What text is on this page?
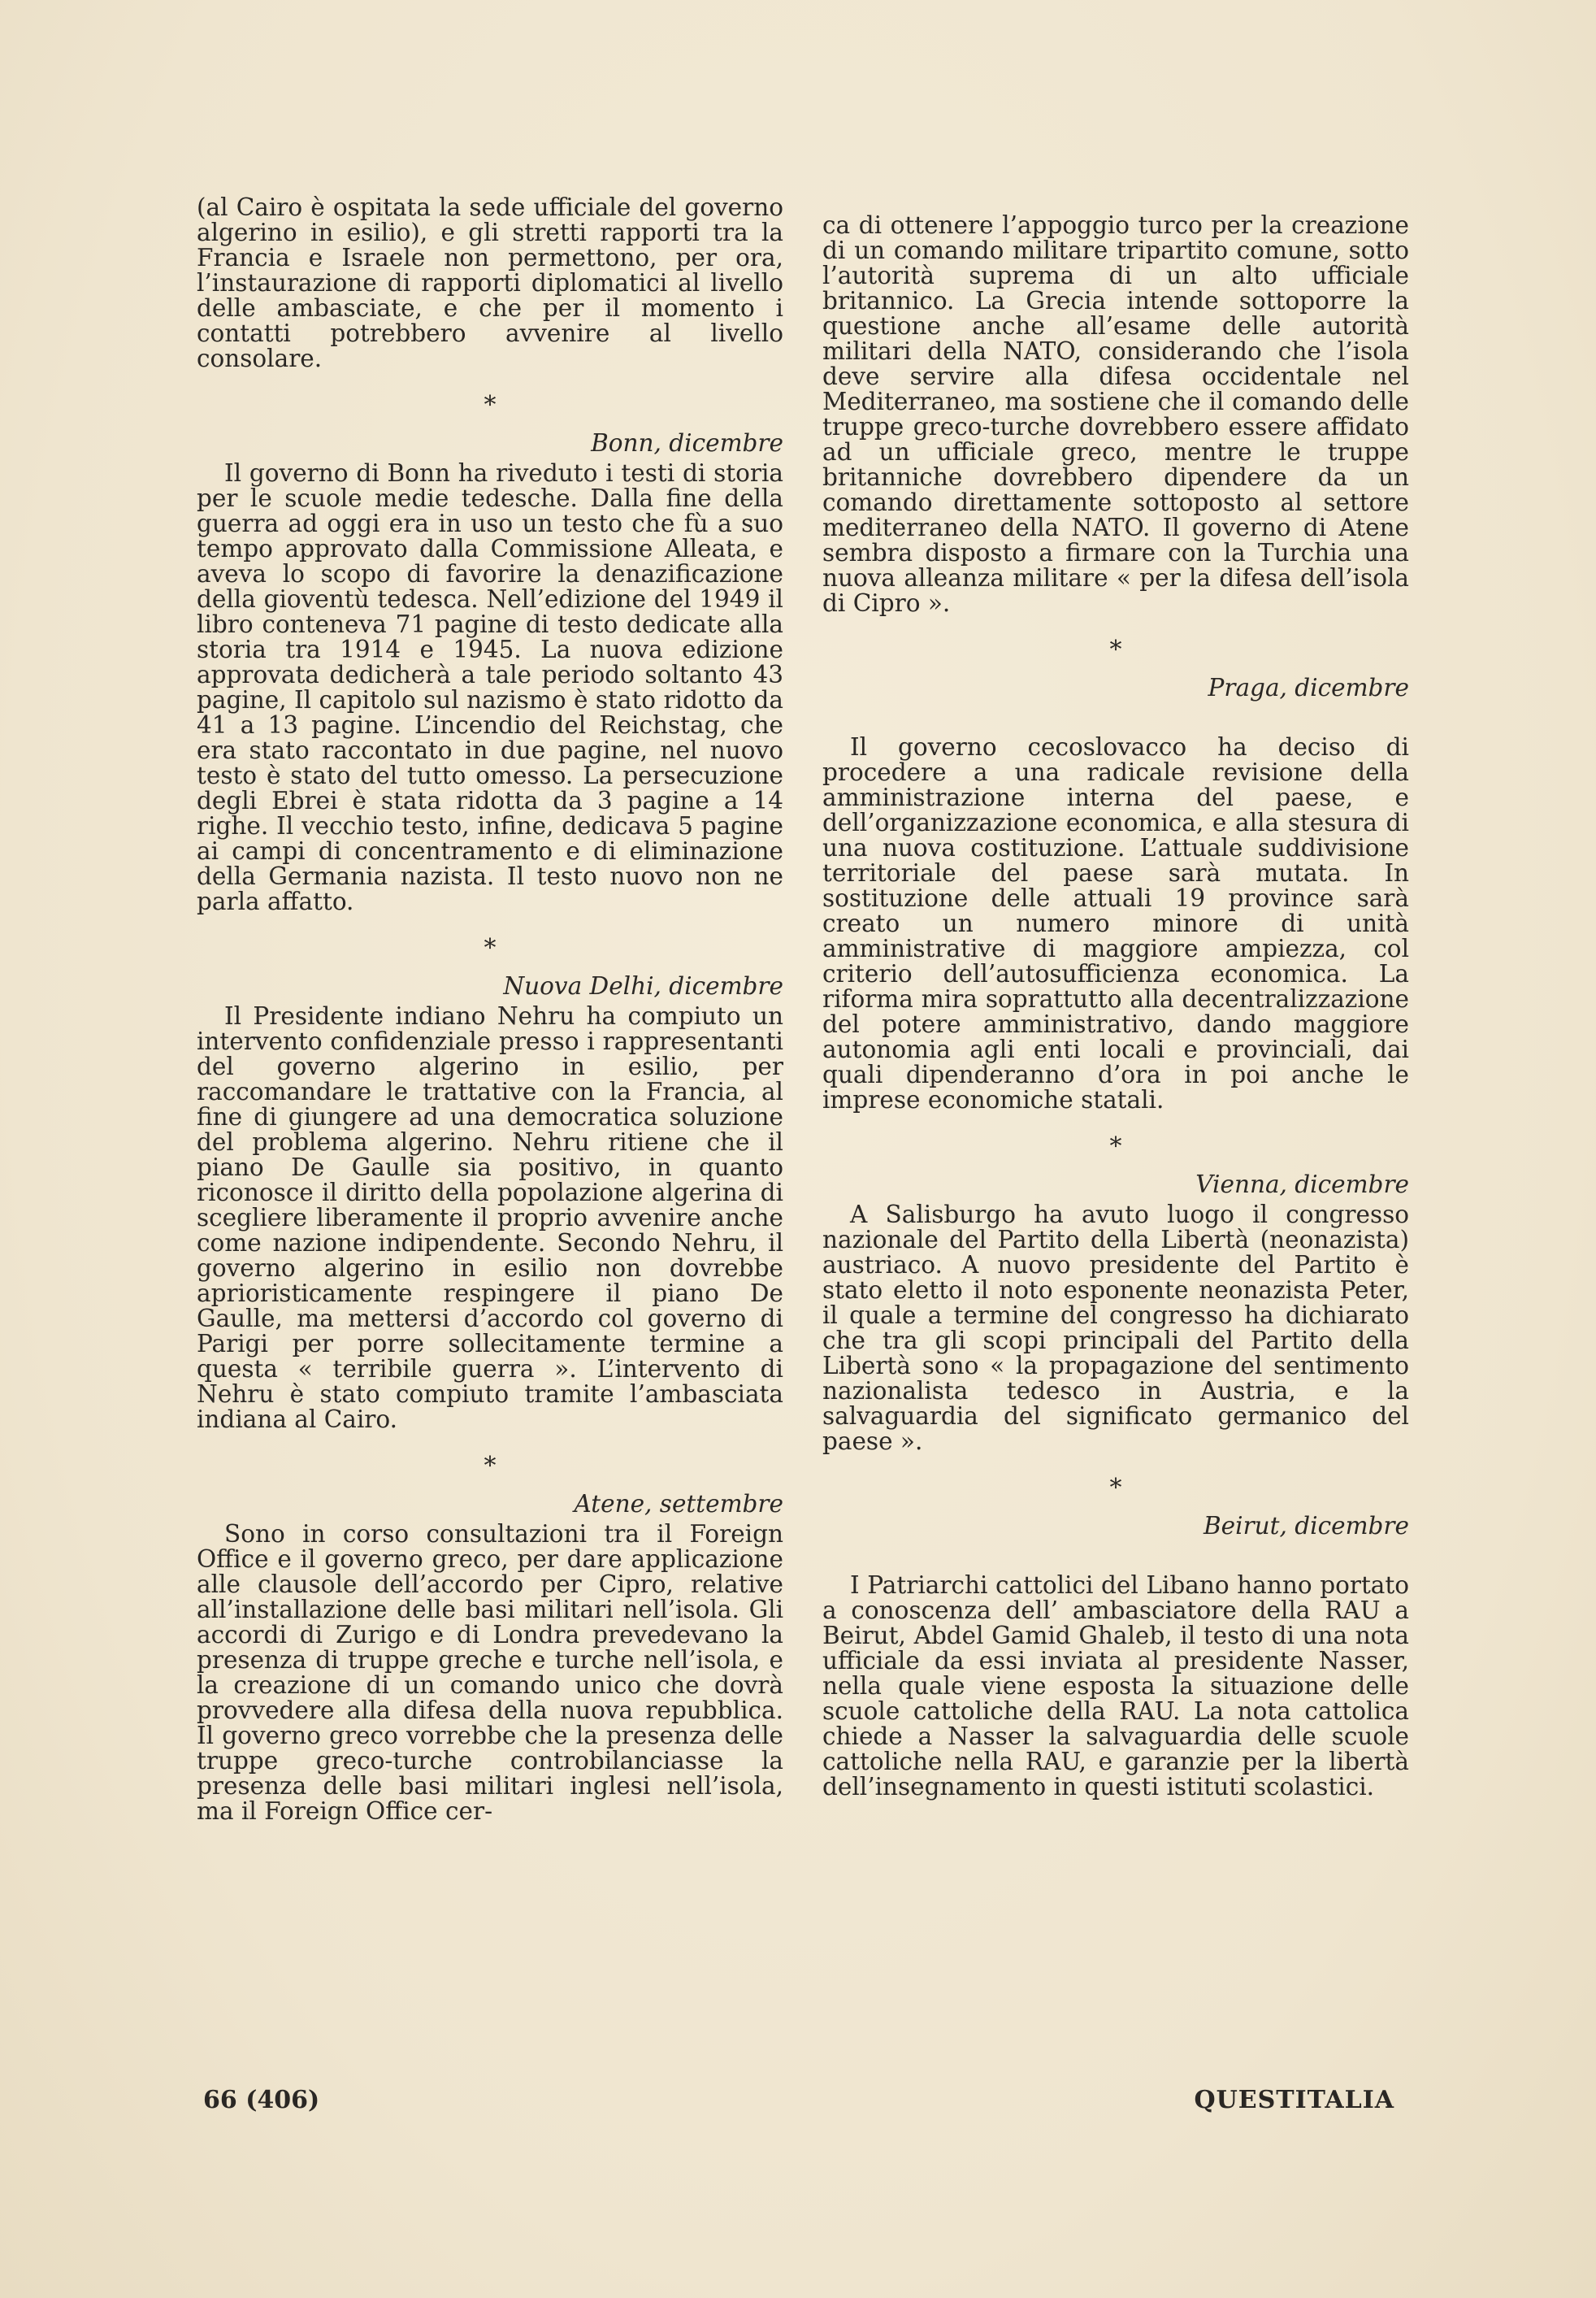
(al Cairo è ospitata la sede ufficiale del governo algerino in esilio), e gli stretti rapporti tra la Francia e Israele non permettono, per ora, l’instaurazione di rapporti diplomatici al livello delle ambasciate, e che per il momento i contatti potrebbero avvenire al livello consolare.

*
Bonn, dicembre

Il governo di Bonn ha riveduto i testi di storia per le scuole medie tedesche. Dalla fine della guerra ad oggi era in uso un testo che fù a suo tempo approvato dalla Commissione Alleata, e aveva lo scopo di favorire la denazificazione della gioventù tedesca. Nell’edizione del 1949 il libro conteneva 71 pagine di testo dedicate alla storia tra 1914 e 1945. La nuova edizione approvata dedicherà a tale periodo soltanto 43 pagine, Il capitolo sul nazismo è stato ridotto da 41 a 13 pagine. L’incendio del Reichstag, che era stato raccontato in due pagine, nel nuovo testo è stato del tutto omesso. La persecuzione degli Ebrei è stata ridotta da 3 pagine a 14 righe. Il vecchio testo, infine, dedicava 5 pagine ai campi di concentramento e di eliminazione della Germania nazista. Il testo nuovo non ne parla affatto.

*
Nuova Delhi, dicembre

Il Presidente indiano Nehru ha compiuto un intervento confidenziale presso i rappresentanti del governo algerino in esilio, per raccomandare le trattative con la Francia, al fine di giungere ad una democratica soluzione del problema algerino. Nehru ritiene che il piano De Gaulle sia positivo, in quanto riconosce il diritto della popolazione algerina di scegliere liberamente il proprio avvenire anche come nazione indipendente. Secondo Nehru, il governo algerino in esilio non dovrebbe aprioristicamente respingere il piano De Gaulle, ma mettersi d’accordo col governo di Parigi per porre sollecitamente termine a questa « terribile guerra ». L’intervento di Nehru è stato compiuto tramite l’ambasciata indiana al Cairo.

*
Atene, settembre

Sono in corso consultazioni tra il Foreign Office e il governo greco, per dare applicazione alle clausole dell’accordo per Cipro, relative all’installazione delle basi militari nell’isola. Gli accordi di Zurigo e di Londra prevedevano la presenza di truppe greche e turche nell’isola, e la creazione di un comando unico che dovrà provvedere alla difesa della nuova repubblica. Il governo greco vorrebbe che la presenza delle truppe greco-turche controbilanciasse la presenza delle basi militari inglesi nell’isola, ma il Foreign Office cer-

ca di ottenere l’appoggio turco per la creazione di un comando militare tripartito comune, sotto l’autorità suprema di un alto ufficiale britannico. La Grecia intende sottoporre la questione anche all’esame delle autorità militari della NATO, considerando che l’isola deve servire alla difesa occidentale nel Mediterraneo, ma sostiene che il comando delle truppe greco-turche dovrebbero essere affidato ad un ufficiale greco, mentre le truppe britanniche dovrebbero dipendere da un comando direttamente sottoposto al settore mediterraneo della NATO. Il governo di Atene sembra disposto a firmare con la Turchia una nuova alleanza militare « per la difesa dell’isola di Cipro ».

*
Praga, dicembre

Il governo cecoslovacco ha deciso di procedere a una radicale revisione della amministrazione interna del paese, e dell’organizzazione economica, e alla stesura di una nuova costituzione. L’attuale suddivisione territoriale del paese sarà mutata. In sostituzione delle attuali 19 province sarà creato un numero minore di unità amministrative di maggiore ampiezza, col criterio dell’autosufficienza economica. La riforma mira soprattutto alla decentralizzazione del potere amministrativo, dando maggiore autonomia agli enti locali e provinciali, dai quali dipenderanno d’ora in poi anche le imprese economiche statali.

*
Vienna, dicembre

A Salisburgo ha avuto luogo il congresso nazionale del Partito della Libertà (neonazista) austriaco. A nuovo presidente del Partito è stato eletto il noto esponente neonazista Peter, il quale a termine del congresso ha dichiarato che tra gli scopi principali del Partito della Libertà sono « la propagazione del sentimento nazionalista tedesco in Austria, e la salvaguardia del significato germanico del paese ».

*
Beirut, dicembre

I Patriarchi cattolici del Libano hanno portato a conoscenza dell’ ambasciatore della RAU a Beirut, Abdel Gamid Ghaleb, il testo di una nota ufficiale da essi inviata al presidente Nasser, nella quale viene esposta la situazione delle scuole cattoliche della RAU. La nota cattolica chiede a Nasser la salvaguardia delle scuole cattoliche nella RAU, e garanzie per la libertà dell’insegnamento in questi istituti scolastici.

66 (406)	QUESTITALIA
